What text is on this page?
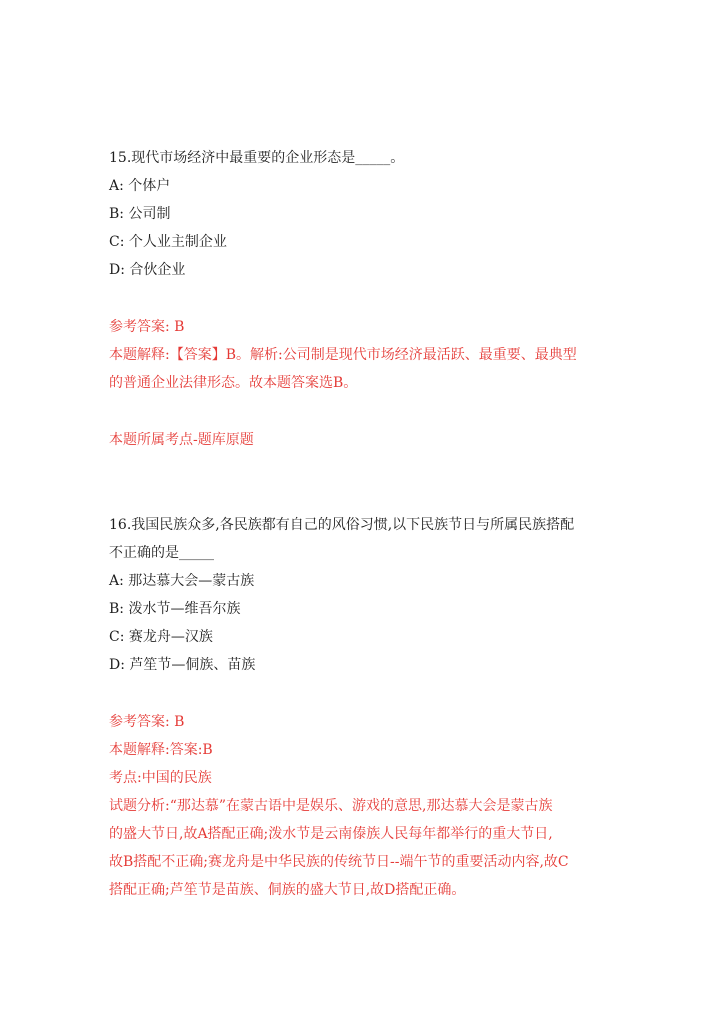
15.现代市场经济中最重要的企业形态是_____。
A: 个体户
B: 公司制
C: 个人业主制企业
D: 合伙企业
参考答案: B
本题解释:【答案】B。解析:公司制是现代市场经济最活跃、最重要、最典型
的普通企业法律形态。故本题答案选B。
本题所属考点-题库原题
16.我国民族众多,各民族都有自己的风俗习惯,以下民族节日与所属民族搭配
不正确的是_____
A: 那达慕大会—蒙古族
B: 泼水节—维吾尔族
C: 赛龙舟—汉族
D: 芦笙节—侗族、苗族
参考答案: B
本题解释:答案:B
考点:中国的民族
试题分析:“那达慕”在蒙古语中是娱乐、游戏的意思,那达慕大会是蒙古族
的盛大节日,故A搭配正确;泼水节是云南傣族人民每年都举行的重大节日,
故B搭配不正确;赛龙舟是中华民族的传统节日--端午节的重要活动内容,故C
搭配正确;芦笙节是苗族、侗族的盛大节日,故D搭配正确。
